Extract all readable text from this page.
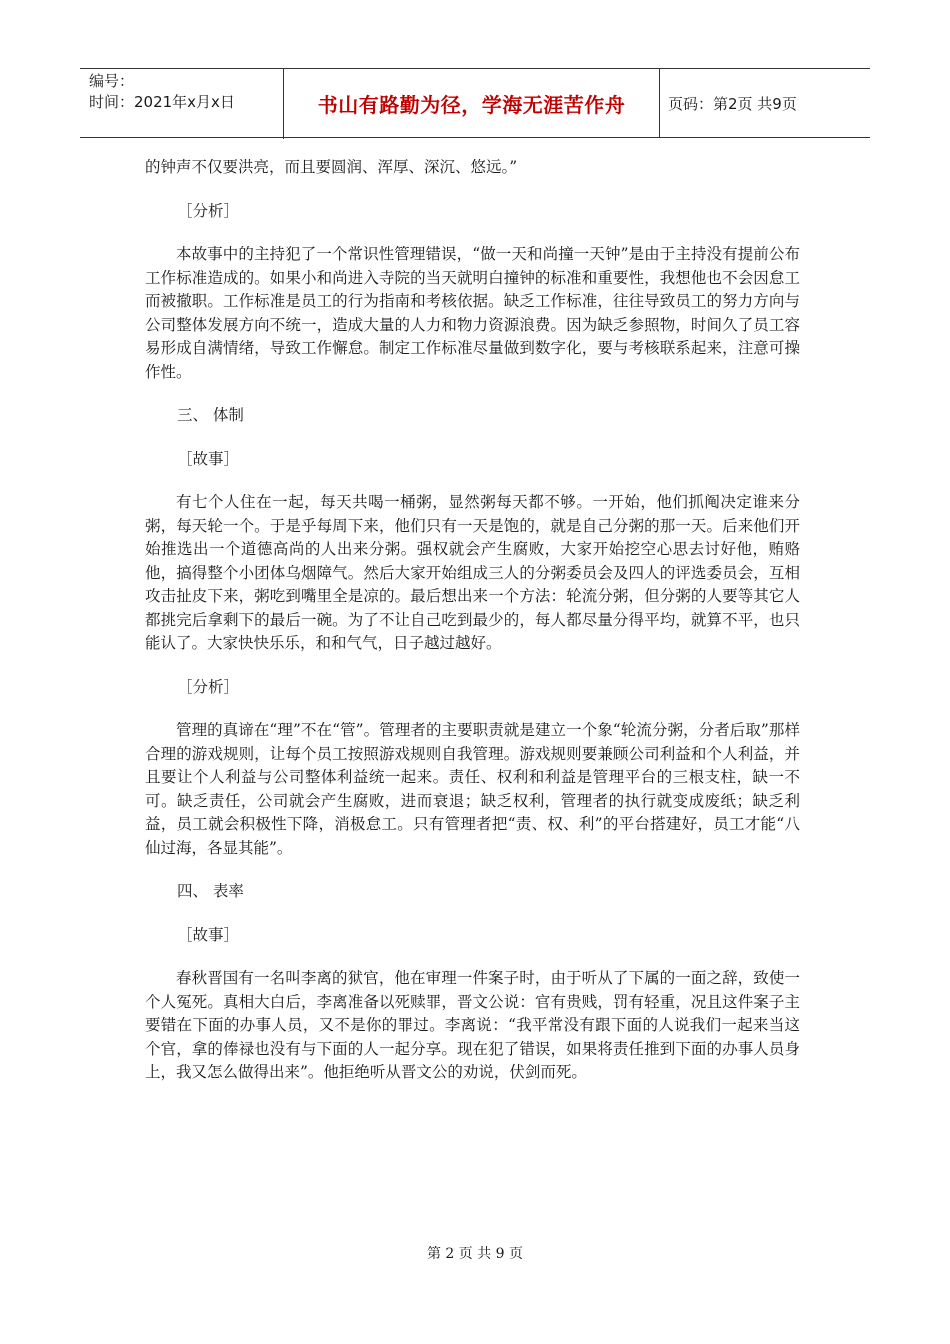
编号：
时间：2021年x月x日	书山有路勤为径，学海无涯苦作舟	页码：第2页 共9页

的钟声不仅要洪亮，而且要圆润、浑厚、深沉、悠远。”

［分析］

本故事中的主持犯了一个常识性管理错误，“做一天和尚撞一天钟”是由于主持没有提前公布工作标准造成的。如果小和尚进入寺院的当天就明白撞钟的标准和重要性，我想他也不会因怠工而被撤职。工作标准是员工的行为指南和考核依据。缺乏工作标准，往往导致员工的努力方向与公司整体发展方向不统一，造成大量的人力和物力资源浪费。因为缺乏参照物，时间久了员工容易形成自满情绪，导致工作懈怠。制定工作标准尽量做到数字化，要与考核联系起来，注意可操作性。

三、 体制

［故事］

有七个人住在一起，每天共喝一桶粥，显然粥每天都不够。一开始，他们抓阄决定谁来分粥，每天轮一个。于是乎每周下来，他们只有一天是饱的，就是自己分粥的那一天。后来他们开始推选出一个道德高尚的人出来分粥。强权就会产生腐败，大家开始挖空心思去讨好他，贿赂他，搞得整个小团体乌烟障气。然后大家开始组成三人的分粥委员会及四人的评选委员会，互相攻击扯皮下来，粥吃到嘴里全是凉的。最后想出来一个方法：轮流分粥，但分粥的人要等其它人都挑完后拿剩下的最后一碗。为了不让自己吃到最少的，每人都尽量分得平均，就算不平，也只能认了。大家快快乐乐，和和气气，日子越过越好。

［分析］

管理的真谛在“理”不在“管”。管理者的主要职责就是建立一个象“轮流分粥，分者后取”那样合理的游戏规则，让每个员工按照游戏规则自我管理。游戏规则要兼顾公司利益和个人利益，并且要让个人利益与公司整体利益统一起来。责任、权利和利益是管理平台的三根支柱，缺一不可。缺乏责任，公司就会产生腐败，进而衰退；缺乏权利，管理者的执行就变成废纸；缺乏利益，员工就会积极性下降，消极怠工。只有管理者把“责、权、利”的平台搭建好，员工才能“八仙过海，各显其能”。

四、 表率

［故事］

春秋晋国有一名叫李离的狱官，他在审理一件案子时，由于听从了下属的一面之辞，致使一个人冤死。真相大白后，李离准备以死赎罪，晋文公说：官有贵贱，罚有轻重，况且这件案子主要错在下面的办事人员，又不是你的罪过。李离说：“我平常没有跟下面的人说我们一起来当这个官，拿的俸禄也没有与下面的人一起分享。现在犯了错误，如果将责任推到下面的办事人员身上，我又怎么做得出来”。他拒绝听从晋文公的劝说，伏剑而死。

第 2 页 共 9 页
